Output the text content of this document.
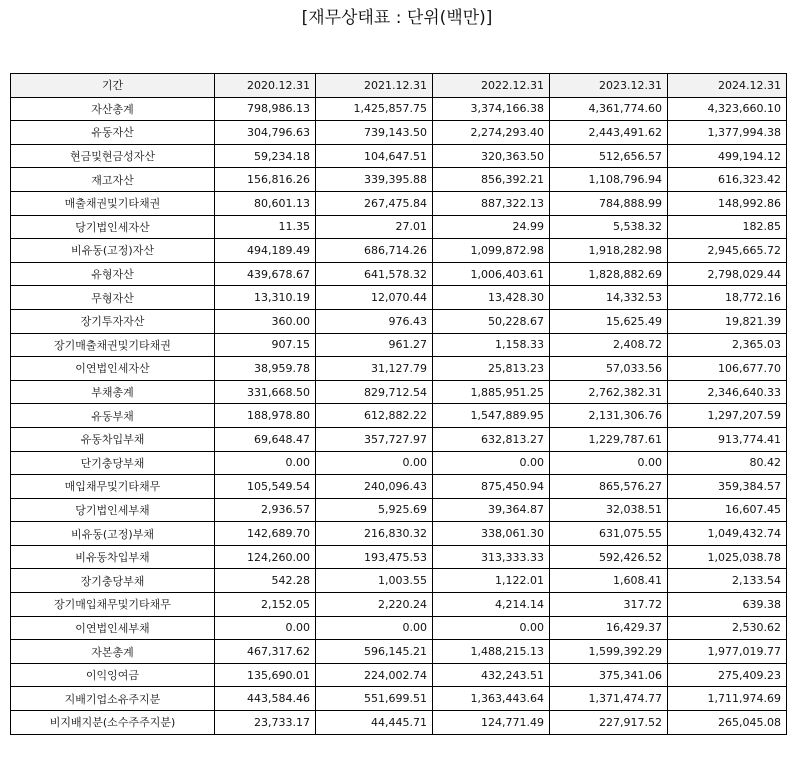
[재무상태표 : 단위(백만)]
기간	2020.12.31	2021.12.31	2022.12.31	2023.12.31	2024.12.31
자산총계	798,986.13	1,425,857.75	3,374,166.38	4,361,774.60	4,323,660.10
유동자산	304,796.63	739,143.50	2,274,293.40	2,443,491.62	1,377,994.38
현금및현금성자산	59,234.18	104,647.51	320,363.50	512,656.57	499,194.12
재고자산	156,816.26	339,395.88	856,392.21	1,108,796.94	616,323.42
매출채권및기타채권	80,601.13	267,475.84	887,322.13	784,888.99	148,992.86
당기법인세자산	11.35	27.01	24.99	5,538.32	182.85
비유동(고정)자산	494,189.49	686,714.26	1,099,872.98	1,918,282.98	2,945,665.72
유형자산	439,678.67	641,578.32	1,006,403.61	1,828,882.69	2,798,029.44
무형자산	13,310.19	12,070.44	13,428.30	14,332.53	18,772.16
장기투자자산	360.00	976.43	50,228.67	15,625.49	19,821.39
장기매출채권및기타채권	907.15	961.27	1,158.33	2,408.72	2,365.03
이연법인세자산	38,959.78	31,127.79	25,813.23	57,033.56	106,677.70
부채총계	331,668.50	829,712.54	1,885,951.25	2,762,382.31	2,346,640.33
유동부채	188,978.80	612,882.22	1,547,889.95	2,131,306.76	1,297,207.59
유동차입부채	69,648.47	357,727.97	632,813.27	1,229,787.61	913,774.41
단기충당부채	0.00	0.00	0.00	0.00	80.42
매입채무및기타채무	105,549.54	240,096.43	875,450.94	865,576.27	359,384.57
당기법인세부채	2,936.57	5,925.69	39,364.87	32,038.51	16,607.45
비유동(고정)부채	142,689.70	216,830.32	338,061.30	631,075.55	1,049,432.74
비유동차입부채	124,260.00	193,475.53	313,333.33	592,426.52	1,025,038.78
장기충당부채	542.28	1,003.55	1,122.01	1,608.41	2,133.54
장기매입채무및기타채무	2,152.05	2,220.24	4,214.14	317.72	639.38
이연법인세부채	0.00	0.00	0.00	16,429.37	2,530.62
자본총계	467,317.62	596,145.21	1,488,215.13	1,599,392.29	1,977,019.77
이익잉여금	135,690.01	224,002.74	432,243.51	375,341.06	275,409.23
지배기업소유주지분	443,584.46	551,699.51	1,363,443.64	1,371,474.77	1,711,974.69
비지배지분(소수주주지분)	23,733.17	44,445.71	124,771.49	227,917.52	265,045.08
